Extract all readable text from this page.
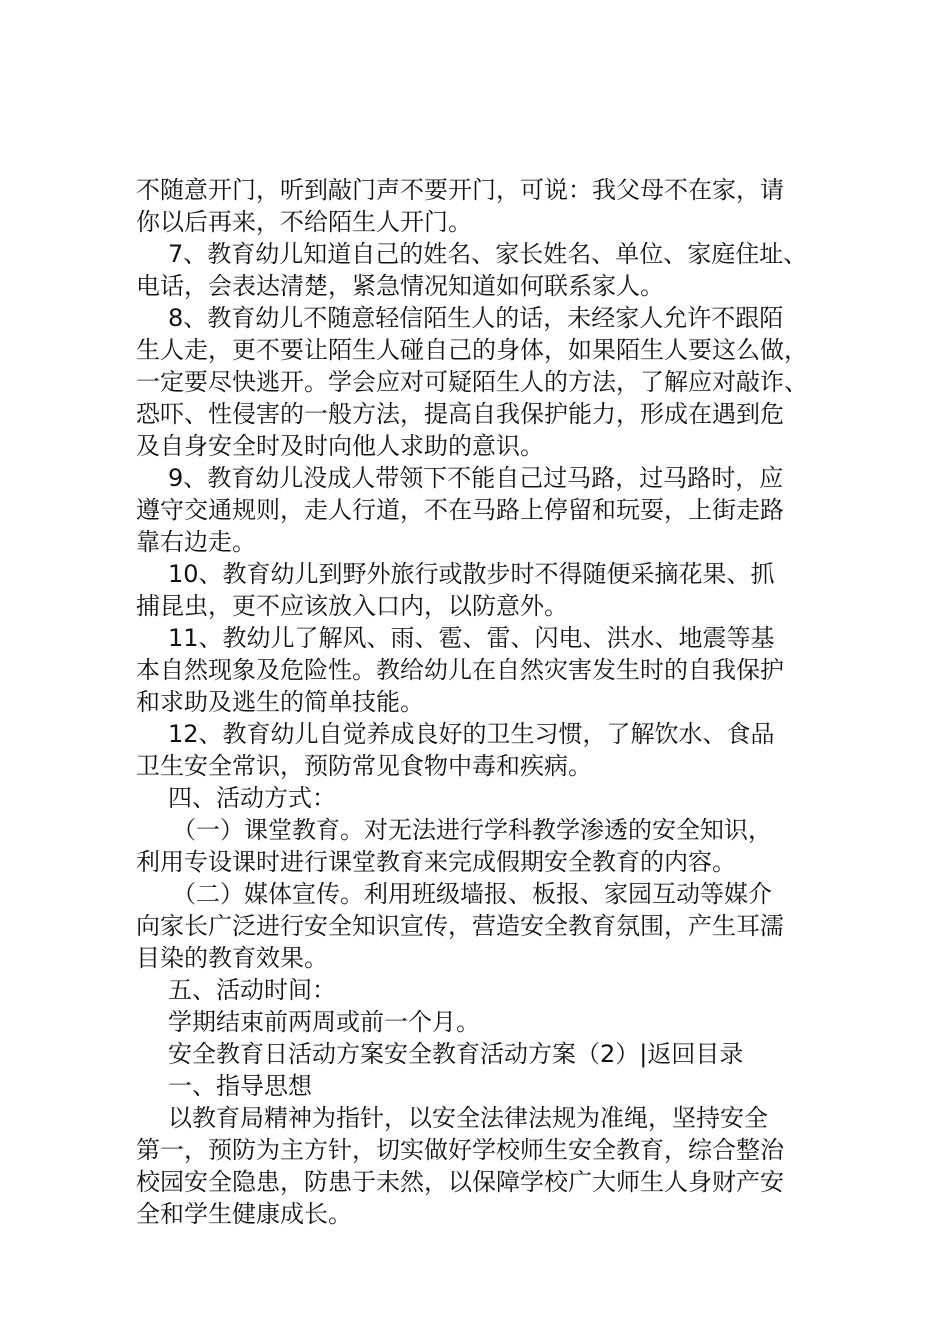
不随意开门，听到敲门声不要开门，可说：我父母不在家，请
你以后再来，不给陌生人开门。
7、教育幼儿知道自己的姓名、家长姓名、单位、家庭住址、
电话，会表达清楚，紧急情况知道如何联系家人。
8、教育幼儿不随意轻信陌生人的话，未经家人允许不跟陌
生人走，更不要让陌生人碰自己的身体，如果陌生人要这么做，
一定要尽快逃开。学会应对可疑陌生人的方法，了解应对敲诈、
恐吓、性侵害的一般方法，提高自我保护能力，形成在遇到危
及自身安全时及时向他人求助的意识。
9、教育幼儿没成人带领下不能自己过马路，过马路时，应
遵守交通规则，走人行道，不在马路上停留和玩耍，上街走路
靠右边走。
10、教育幼儿到野外旅行或散步时不得随便采摘花果、抓
捕昆虫，更不应该放入口内，以防意外。
11、教幼儿了解风、雨、雹、雷、闪电、洪水、地震等基
本自然现象及危险性。教给幼儿在自然灾害发生时的自我保护
和求助及逃生的简单技能。
12、教育幼儿自觉养成良好的卫生习惯，了解饮水、食品
卫生安全常识，预防常见食物中毒和疾病。
四、活动方式：
（一）课堂教育。对无法进行学科教学渗透的安全知识，
利用专设课时进行课堂教育来完成假期安全教育的内容。
（二）媒体宣传。利用班级墙报、板报、家园互动等媒介
向家长广泛进行安全知识宣传，营造安全教育氛围，产生耳濡
目染的教育效果。
五、活动时间：
学期结束前两周或前一个月。
安全教育日活动方案安全教育活动方案（2）|返回目录
一、指导思想
以教育局精神为指针，以安全法律法规为准绳，坚持安全
第一，预防为主方针，切实做好学校师生安全教育，综合整治
校园安全隐患，防患于未然，以保障学校广大师生人身财产安
全和学生健康成长。
